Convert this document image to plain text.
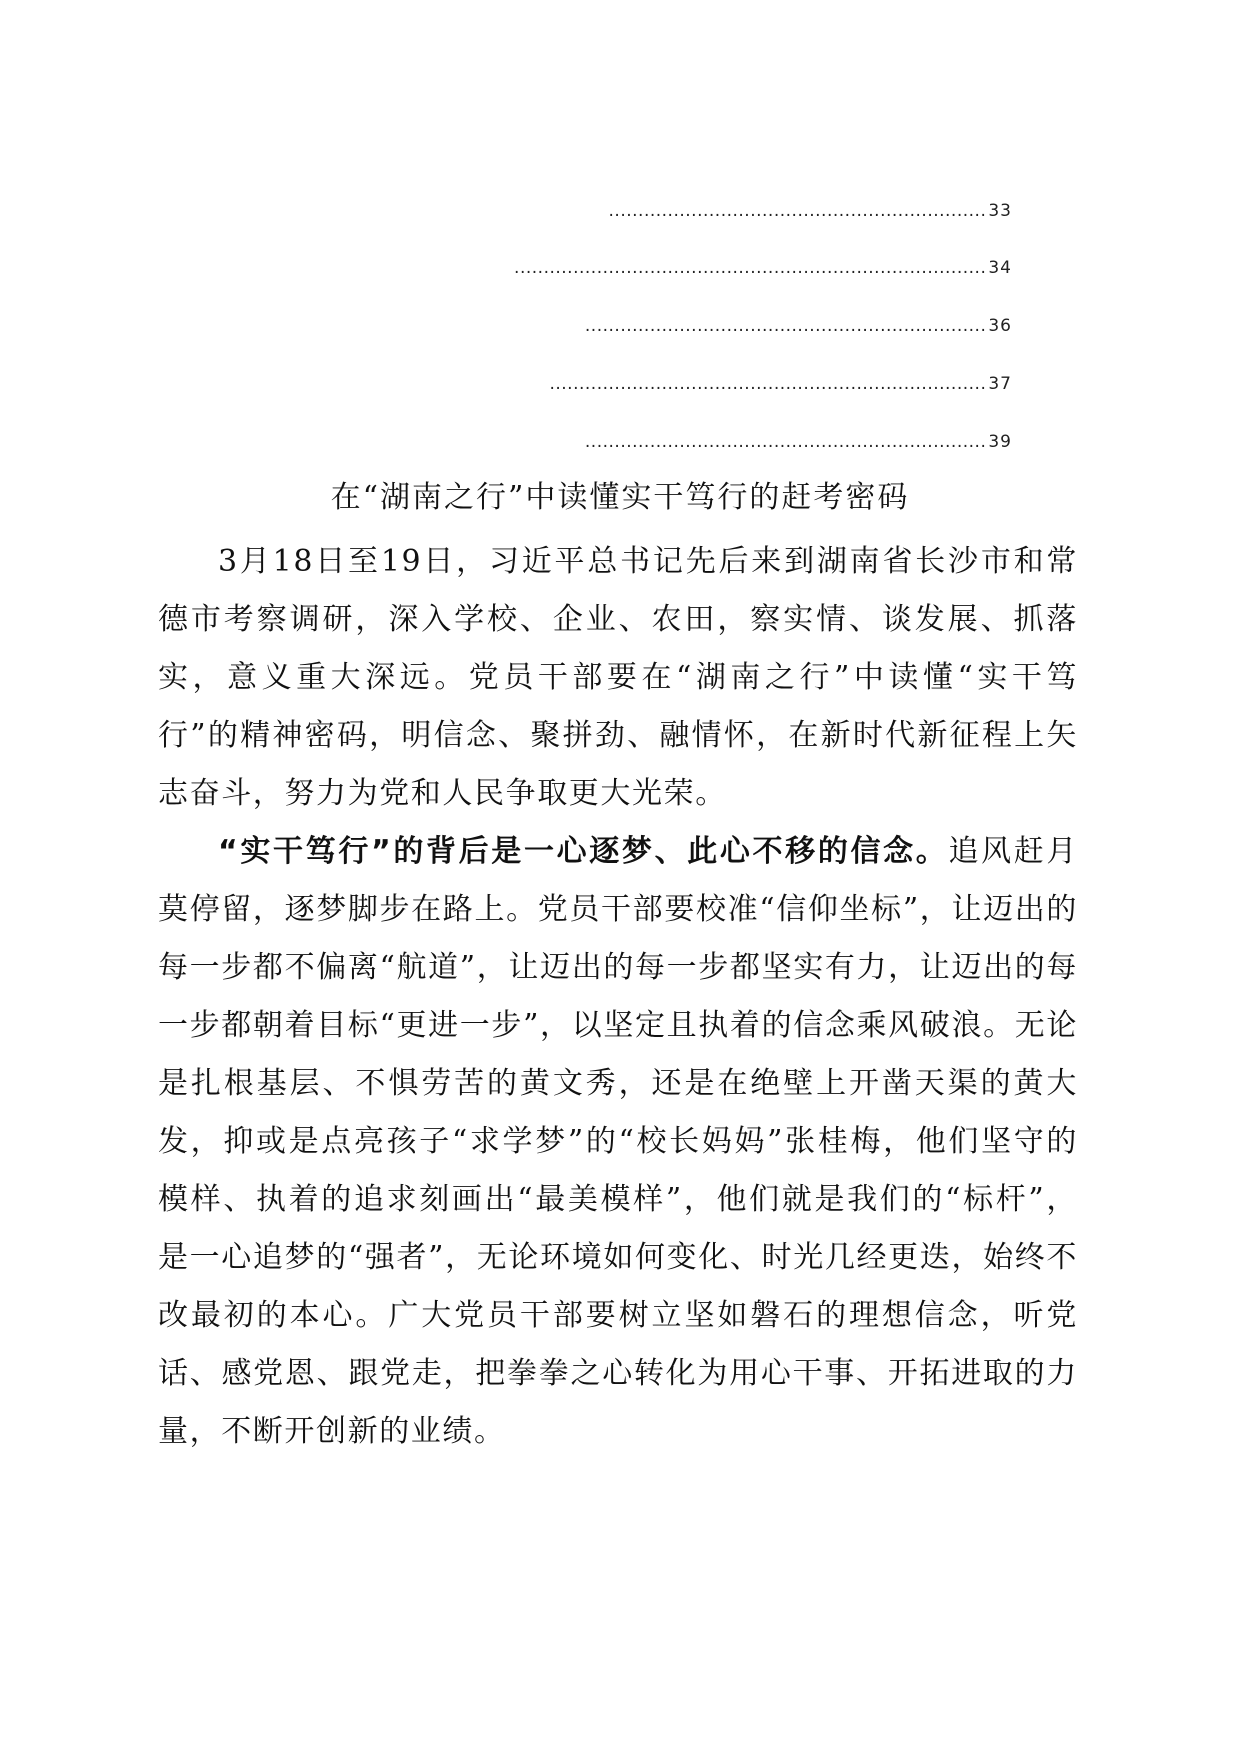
................................................................ 33
................................................................................ 34
.................................................................... 36
.......................................................................... 37
.................................................................... 39
在“湖南之行”中读懂实干笃行的赶考密码

3月18日至19日，习近平总书记先后来到湖南省长沙市和常德市考察调研，深入学校、企业、农田，察实情、谈发展、抓落实，意义重大深远。党员干部要在“湖南之行”中读懂“实干笃行”的精神密码，明信念、聚拼劲、融情怀，在新时代新征程上矢志奋斗，努力为党和人民争取更大光荣。

“实干笃行”的背后是一心逐梦、此心不移的信念。追风赶月莫停留，逐梦脚步在路上。党员干部要校准“信仰坐标”，让迈出的每一步都不偏离“航道”，让迈出的每一步都坚实有力，让迈出的每一步都朝着目标“更进一步”，以坚定且执着的信念乘风破浪。无论是扎根基层、不惧劳苦的黄文秀，还是在绝壁上开凿天渠的黄大发，抑或是点亮孩子“求学梦”的“校长妈妈”张桂梅，他们坚守的模样、执着的追求刻画出“最美模样”，他们就是我们的“标杆”，是一心追梦的“强者”，无论环境如何变化、时光几经更迭，始终不改最初的本心。广大党员干部要树立坚如磐石的理想信念，听党话、感党恩、跟党走，把拳拳之心转化为用心干事、开拓进取的力量，不断开创新的业绩。
